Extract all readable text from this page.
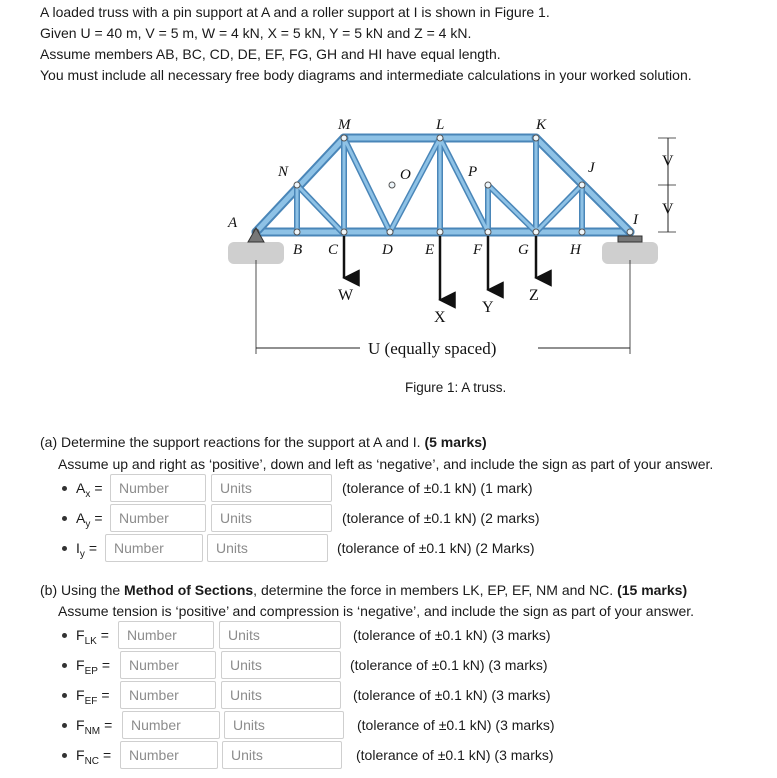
A loaded truss with a pin support at A and a roller support at I is shown in Figure 1.
Given U = 40 m, V = 5 m, W = 4 kN, X = 5 kN, Y = 5 kN and Z = 4 kN.
Assume members AB, BC, CD, DE, EF, FG, GH and HI have equal length.
You must include all necessary free body diagrams and intermediate calculations in your worked solution.
A
B C	D E	F G	H
I
J
K
L
M
N	O	P
W
X
Y
Z
U (equally spaced)
V
V
Figure 1: A truss.
(a) Determine the support reactions for the support at A and I. (5 marks)
Assume up and right as ‘positive’, down and left as ‘negative’, and include the sign as part of your answer.
$A_x$ =
Number
Units	(tolerance of ±0.1 kN) (1 mark)
$A_y$ =
Number
Units	(tolerance of ±0.1 kN) (2 marks)
$I_y$ =
Number
Units	(tolerance of ±0.1 kN) (2 Marks)
(b) Using the Method of Sections, determine the force in members LK, EP, EF, NM and NC. (15 marks)
Assume tension is ‘positive’ and compression is ‘negative’, and include the sign as part of your answer.
$F_{LK}$ =
Number
Units	(tolerance of ±0.1 kN) (3 marks)
$F_{EP}$ =
Number
Units	(tolerance of ±0.1 kN) (3 marks)
$F_{EF}$ =
Number
Units	(tolerance of ±0.1 kN) (3 marks)
$F_{NM}$ =
Number
Units	(tolerance of ±0.1 kN) (3 marks)
$F_{NC}$ =
Number
Units	(tolerance of ±0.1 kN) (3 marks)
